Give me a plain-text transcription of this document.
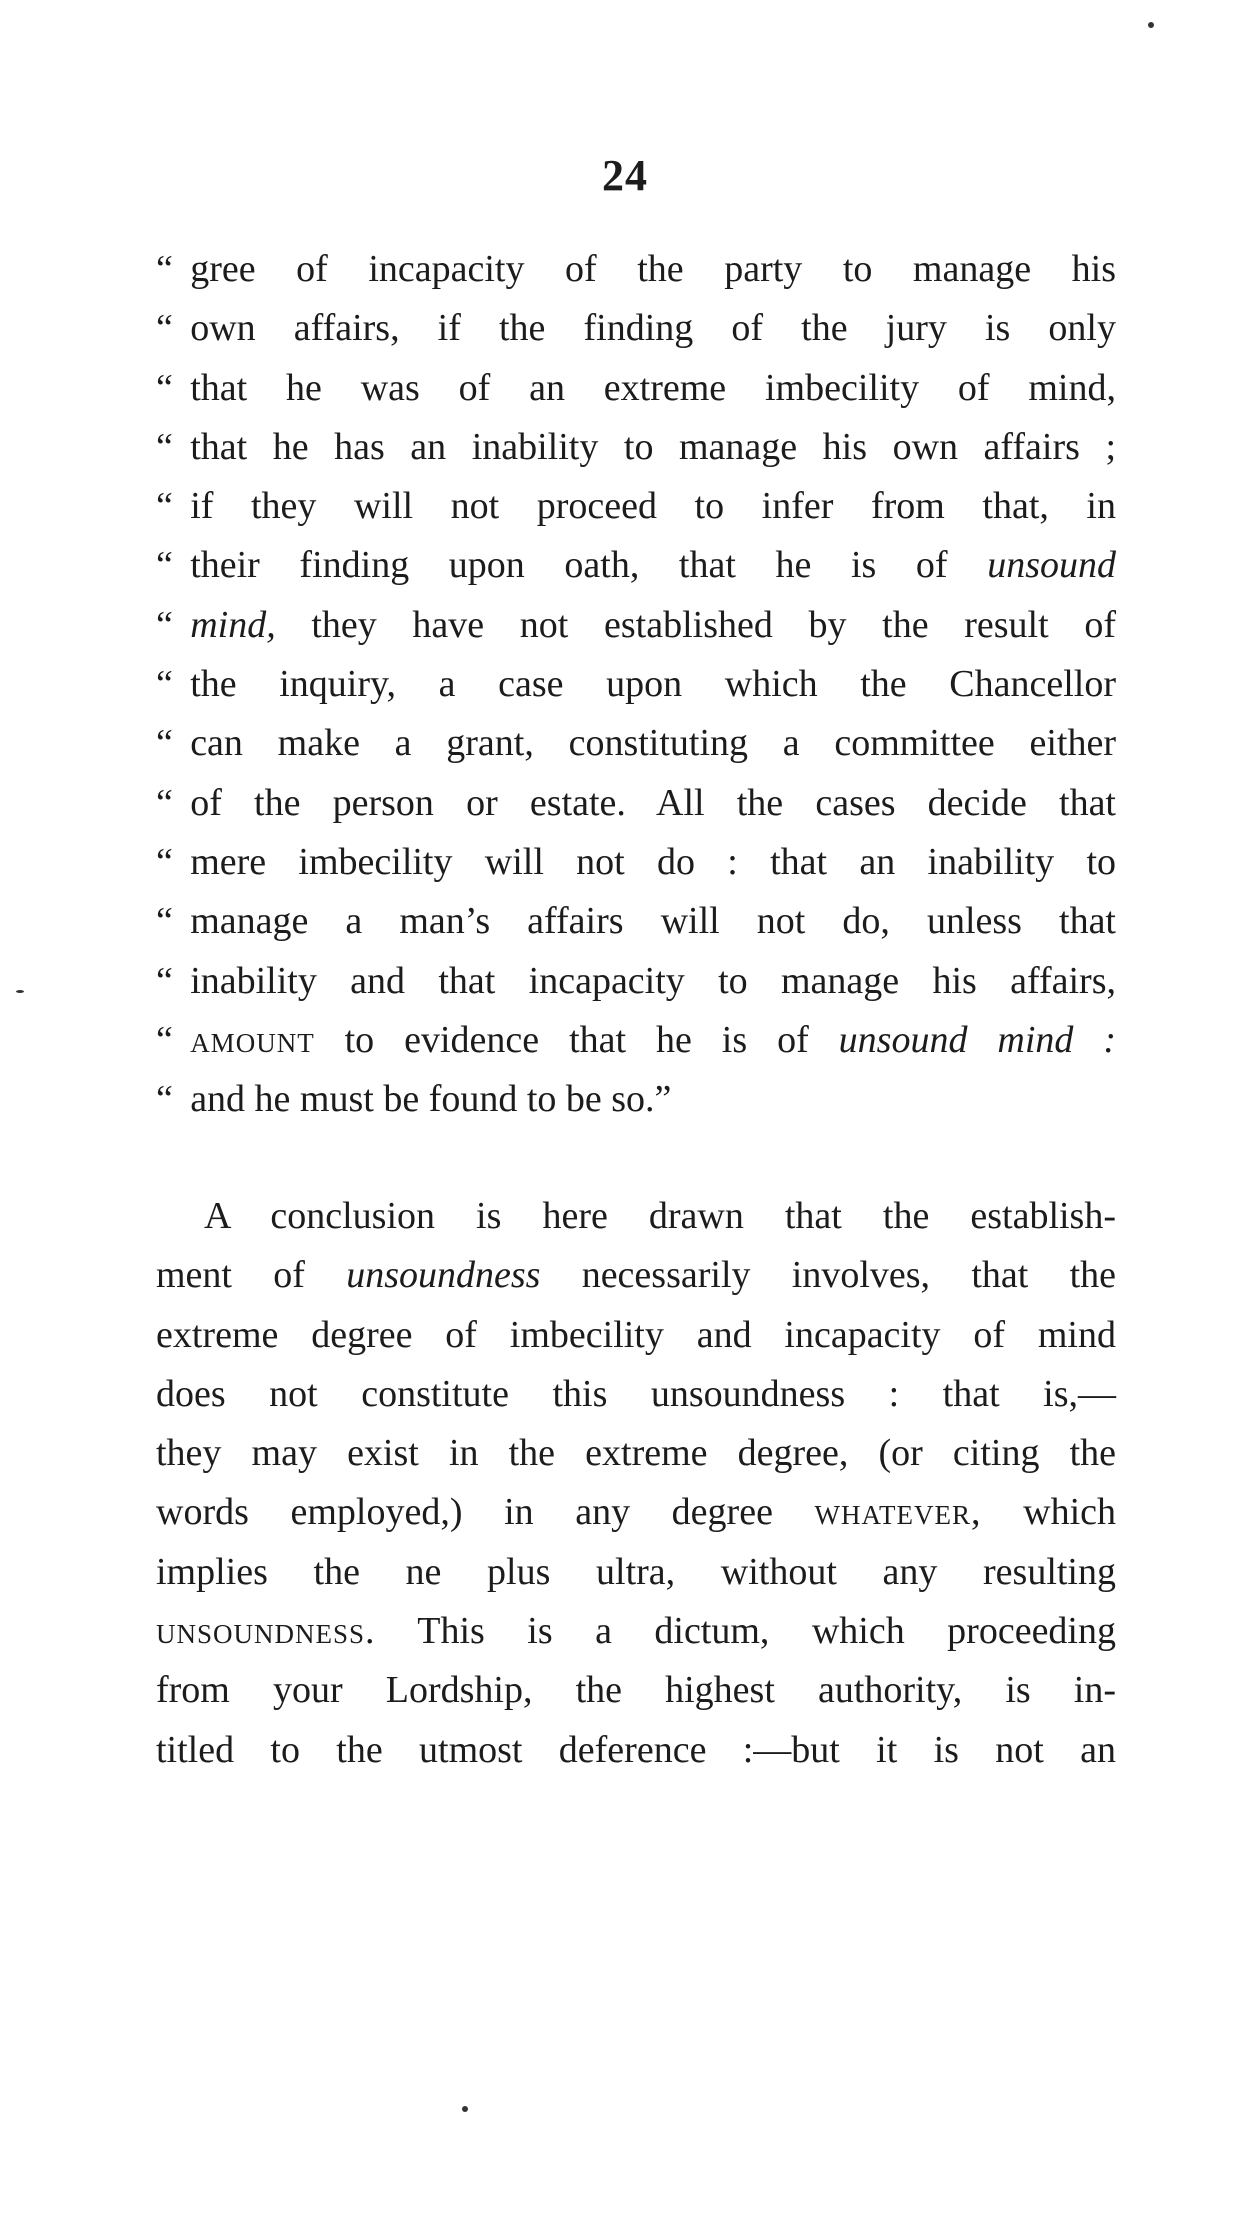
24
“ gree of incapacity of the party to manage his
“ own affairs, if the finding of the jury is only
“ that he was of an extreme imbecility of mind,
“ that he has an inability to manage his own affairs ;
“ if they will not proceed to infer from that, in
“ their finding upon oath, that he is of unsound
“ mind, they have not established by the result of
“ the inquiry, a case upon which the Chancellor
“ can make a grant, constituting a committee either
“ of the person or estate. All the cases decide that
“ mere imbecility will not do : that an inability to
“ manage a man’s affairs will not do, unless that
“ inability and that incapacity to manage his affairs,
“ amount to evidence that he is of unsound mind :
“ and he must be found to be so.”
A conclusion is here drawn that the establish-
ment of unsoundness necessarily involves, that the
extreme degree of imbecility and incapacity of mind
does not constitute this unsoundness : that is,—
they may exist in the extreme degree, (or citing the
words employed,) in any degree whatever, which
implies the ne plus ultra, without any resulting
unsoundness. This is a dictum, which proceeding
from your Lordship, the highest authority, is in-
titled to the utmost deference :—but it is not an
